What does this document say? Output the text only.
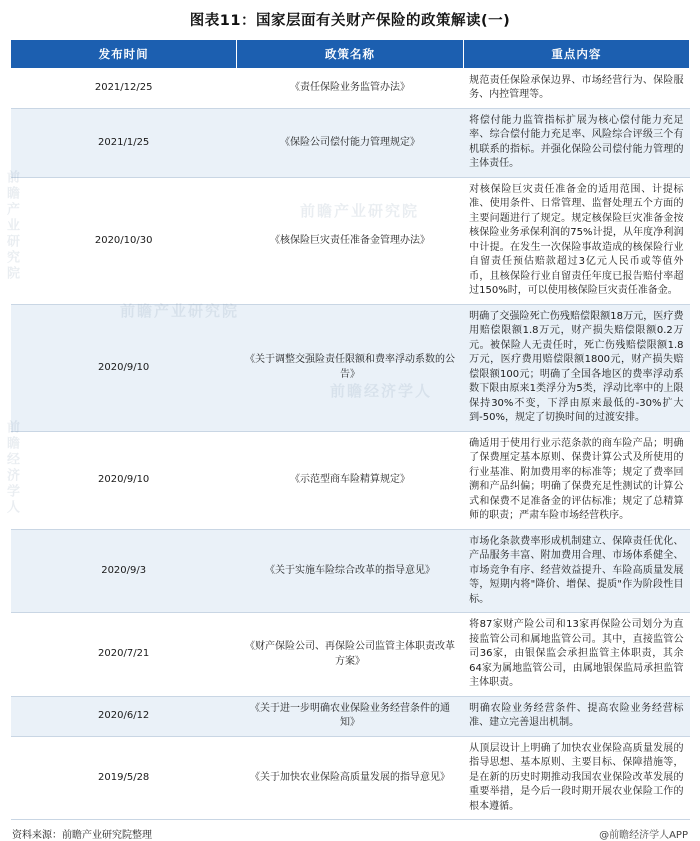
图表11：国家层面有关财产保险的政策解读(一)
发布时间	政策名称	重点内容
2021/12/25	《责任保险业务监管办法》	规范责任保险承保边界、市场经营行为、保险服务、内控管理等。
2021/1/25	《保险公司偿付能力管理规定》	将偿付能力监管指标扩展为核心偿付能力充足率、综合偿付能力充足率、风险综合评级三个有机联系的指标。并强化保险公司偿付能力管理的主体责任。
2020/10/30	《核保险巨灾责任准备金管理办法》	对核保险巨灾责任准备金的适用范围、计提标准、使用条件、日常管理、监督处理五个方面的主要问题进行了规定。规定核保险巨灾准备金按核保险业务承保利润的75%计提，从年度净利润中计提。在发生一次保险事故造成的核保险行业自留责任预估赔款超过3亿元人民币或等值外币，且核保险行业自留责任年度已报告赔付率超过150%时，可以使用核保险巨灾责任准备金。
2020/9/10	《关于调整交强险责任限额和费率浮动系数的公告》	明确了交强险死亡伤残赔偿限额18万元，医疗费用赔偿限额1.8万元，财产损失赔偿限额0.2万元。被保险人无责任时，死亡伤残赔偿限额1.8万元，医疗费用赔偿限额1800元，财产损失赔偿限额100元；明确了全国各地区的费率浮动系数下限由原来1类浮分为5类，浮动比率中的上限保持30%不变，下浮由原来最低的-30%扩大到-50%，规定了切换时间的过渡安排。
2020/9/10	《示范型商车险精算规定》	确适用于使用行业示范条款的商车险产品；明确了保费厘定基本原则、保费计算公式及所使用的行业基准、附加费用率的标准等；规定了费率回溯和产品纠偏；明确了保费充足性测试的计算公式和保费不足准备金的评估标准；规定了总精算师的职责；严肃车险市场经营秩序。
2020/9/3	《关于实施车险综合改革的指导意见》	市场化条款费率形成机制建立、保障责任优化、产品服务丰富、附加费用合理、市场体系健全、市场竞争有序、经营效益提升、车险高质量发展等，短期内将"降价、增保、提质"作为阶段性目标。
2020/7/21	《财产保险公司、再保险公司监管主体职责改革方案》	将87家财产险公司和13家再保险公司划分为直接监管公司和属地监管公司。其中，直接监管公司36家，由银保监会承担监管主体职责，其余64家为属地监管公司，由属地银保监局承担监管主体职责。
2020/6/12	《关于进一步明确农业保险业务经营条件的通知》	明确农险业务经营条件、提高农险业务经营标准、建立完善退出机制。
2019/5/28	《关于加快农业保险高质量发展的指导意见》	从顶层设计上明确了加快农业保险高质量发展的指导思想、基本原则、主要目标、保障措施等，是在新的历史时期推动我国农业保险改革发展的重要举措，是今后一段时期开展农业保险工作的根本遵循。
资料来源：前瞻产业研究院整理	@前瞻经济学人APP
